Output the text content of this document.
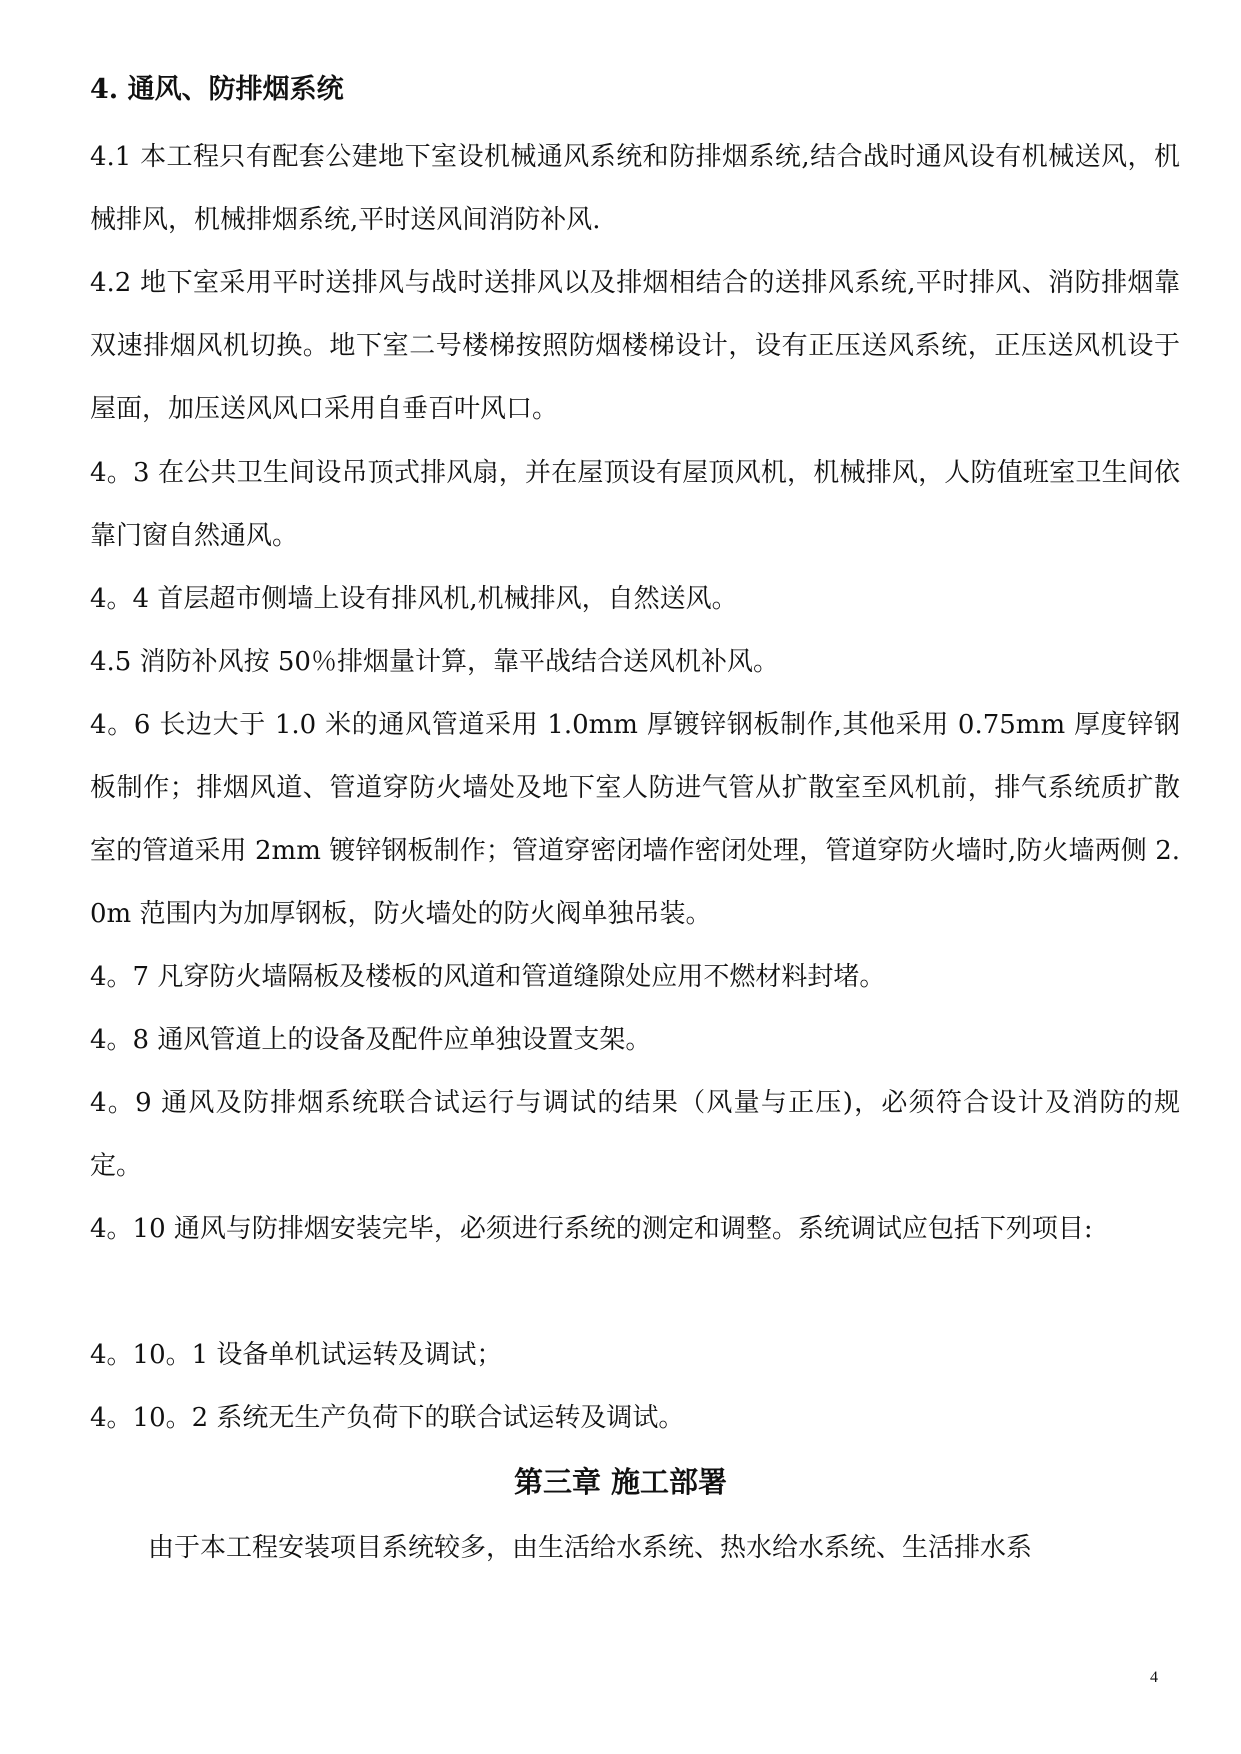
4. 通风、防排烟系统

4.1 本工程只有配套公建地下室设机械通风系统和防排烟系统,结合战时通风设有机械送风，机械排风，机械排烟系统,平时送风间消防补风.

4.2 地下室采用平时送排风与战时送排风以及排烟相结合的送排风系统,平时排风、消防排烟靠双速排烟风机切换。地下室二号楼梯按照防烟楼梯设计，设有正压送风系统，正压送风机设于屋面，加压送风风口采用自垂百叶风口。

4。3 在公共卫生间设吊顶式排风扇，并在屋顶设有屋顶风机，机械排风，人防值班室卫生间依靠门窗自然通风。

4。4 首层超市侧墙上设有排风机,机械排风，自然送风。

4.5 消防补风按 50％排烟量计算，靠平战结合送风机补风。

4。6 长边大于 1.0 米的通风管道采用 1.0mm 厚镀锌钢板制作,其他采用 0.75mm 厚度锌钢板制作；排烟风道、管道穿防火墙处及地下室人防进气管从扩散室至风机前，排气系统质扩散室的管道采用 2mm 镀锌钢板制作；管道穿密闭墙作密闭处理，管道穿防火墙时,防火墙两侧 2.0m 范围内为加厚钢板，防火墙处的防火阀单独吊装。

4。7 凡穿防火墙隔板及楼板的风道和管道缝隙处应用不燃材料封堵。

4。8 通风管道上的设备及配件应单独设置支架。

4。9 通风及防排烟系统联合试运行与调试的结果（风量与正压)，必须符合设计及消防的规定。

4。10 通风与防排烟安装完毕，必须进行系统的测定和调整。系统调试应包括下列项目:

4。10。1 设备单机试运转及调试；

4。10。2 系统无生产负荷下的联合试运转及调试。

第三章 施工部署

由于本工程安装项目系统较多，由生活给水系统、热水给水系统、生活排水系

4
